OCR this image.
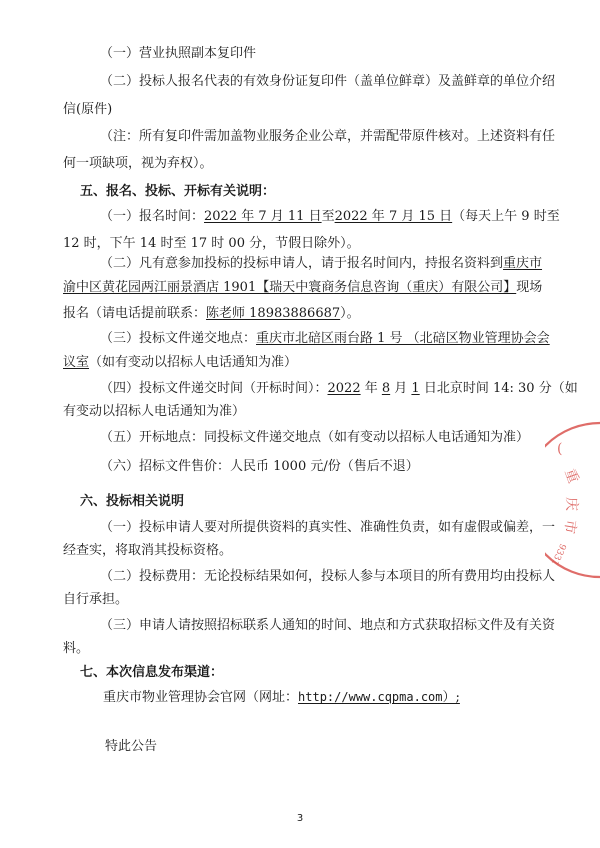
（一）营业执照副本复印件
（二）投标人报名代表的有效身份证复印件（盖单位鲜章）及盖鲜章的单位介绍
信(原件)
（注：所有复印件需加盖物业服务企业公章，并需配带原件核对。上述资料有任
何一项缺项，视为弃权）。
五、报名、投标、开标有关说明：
（一）报名时间：2022 年 7 月 11 日至2022 年 7 月 15 日（每天上午 9 时至
12 时，下午 14 时至 17 时 00 分，节假日除外）。
（二）凡有意参加投标的投标申请人，请于报名时间内，持报名资料到重庆市
渝中区黄花园两江丽景酒店 1901【瑞天中寰商务信息咨询（重庆）有限公司】现场
报名（请电话提前联系：陈老师 18983886687）。
（三）投标文件递交地点：重庆市北碚区雨台路 1 号 （北碚区物业管理协会会
议室（如有变动以招标人电话通知为准）
（四）投标文件递交时间（开标时间）：2022 年 8 月 1 日北京时间 14: 30 分（如
有变动以招标人电话通知为准）
（五）开标地点：同投标文件递交地点（如有变动以招标人电话通知为准）
（六）招标文件售价：人民币 1000 元/份（售后不退）
六、投标相关说明
（一）投标申请人要对所提供资料的真实性、准确性负责，如有虚假或偏差，一
经查实，将取消其投标资格。
（二）投标费用：无论投标结果如何，投标人参与本项目的所有费用均由投标人
自行承担。
（三）申请人请按照招标联系人通知的时间、地点和方式获取招标文件及有关资
料。
七、本次信息发布渠道：
重庆市物业管理协会官网（网址：http://www.cqpma.com）;
特此公告
3
(
重
庆
市
9331
